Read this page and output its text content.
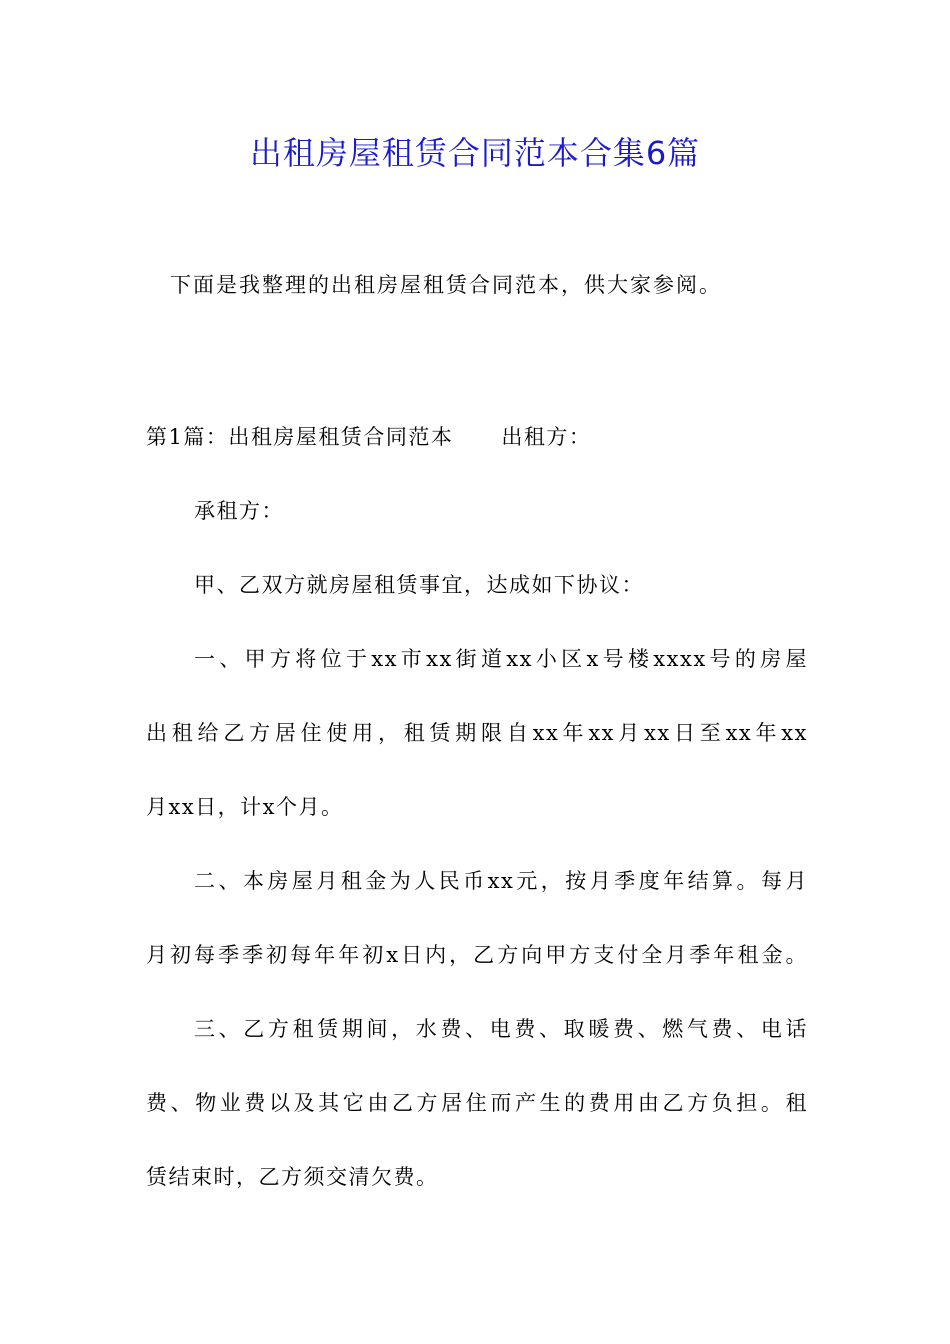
出租房屋租赁合同范本合集6篇

下面是我整理的出租房屋租赁合同范本，供大家参阅。

第1篇：出租房屋租赁合同范本 出租方：

承租方：

甲、乙双方就房屋租赁事宜，达成如下协议：

一、甲方将位于xx市xx街道xx小区x号楼xxxx号的房屋

出租给乙方居住使用，租赁期限自xx年xx月xx日至xx年xx

月xx日，计x个月。

二、本房屋月租金为人民币xx元，按月季度年结算。每月

月初每季季初每年年初x日内，乙方向甲方支付全月季年租金。

三、乙方租赁期间，水费、电费、取暖费、燃气费、电话

费、物业费以及其它由乙方居住而产生的费用由乙方负担。租

赁结束时，乙方须交清欠费。
